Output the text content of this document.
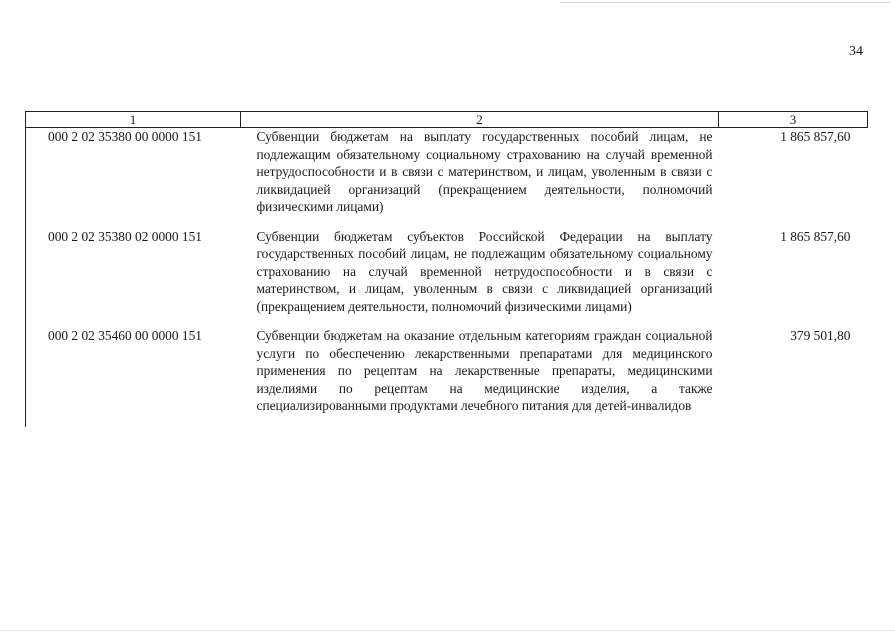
34
1	2	3
000 2 02 35380 00 0000 151	Субвенции бюджетам на выплату государственных пособий лицам, не подлежащим обязательному социальному страхованию на случай временной нетрудоспособности и в связи с материнством, и лицам, уволенным в связи с ликвидацией организаций (прекращением деятельности, полномочий физическими лицами)	1 865 857,60
000 2 02 35380 02 0000 151	Субвенции бюджетам субъектов Российской Федерации на выплату государственных пособий лицам, не подлежащим обязательному социальному страхованию на случай временной нетрудоспособности и в связи с материнством, и лицам, уволенным в связи с ликвидацией организаций (прекращением деятельности, полномочий физическими лицами)	1 865 857,60
000 2 02 35460 00 0000 151	Субвенции бюджетам на оказание отдельным категориям граждан социальной услуги по обеспечению лекарственными препаратами для медицинского применения по рецептам на лекарственные препараты, медицинскими изделиями по рецептам на медицинские изделия, а также специализированными продуктами лечебного питания для детей-инвалидов	379 501,80
